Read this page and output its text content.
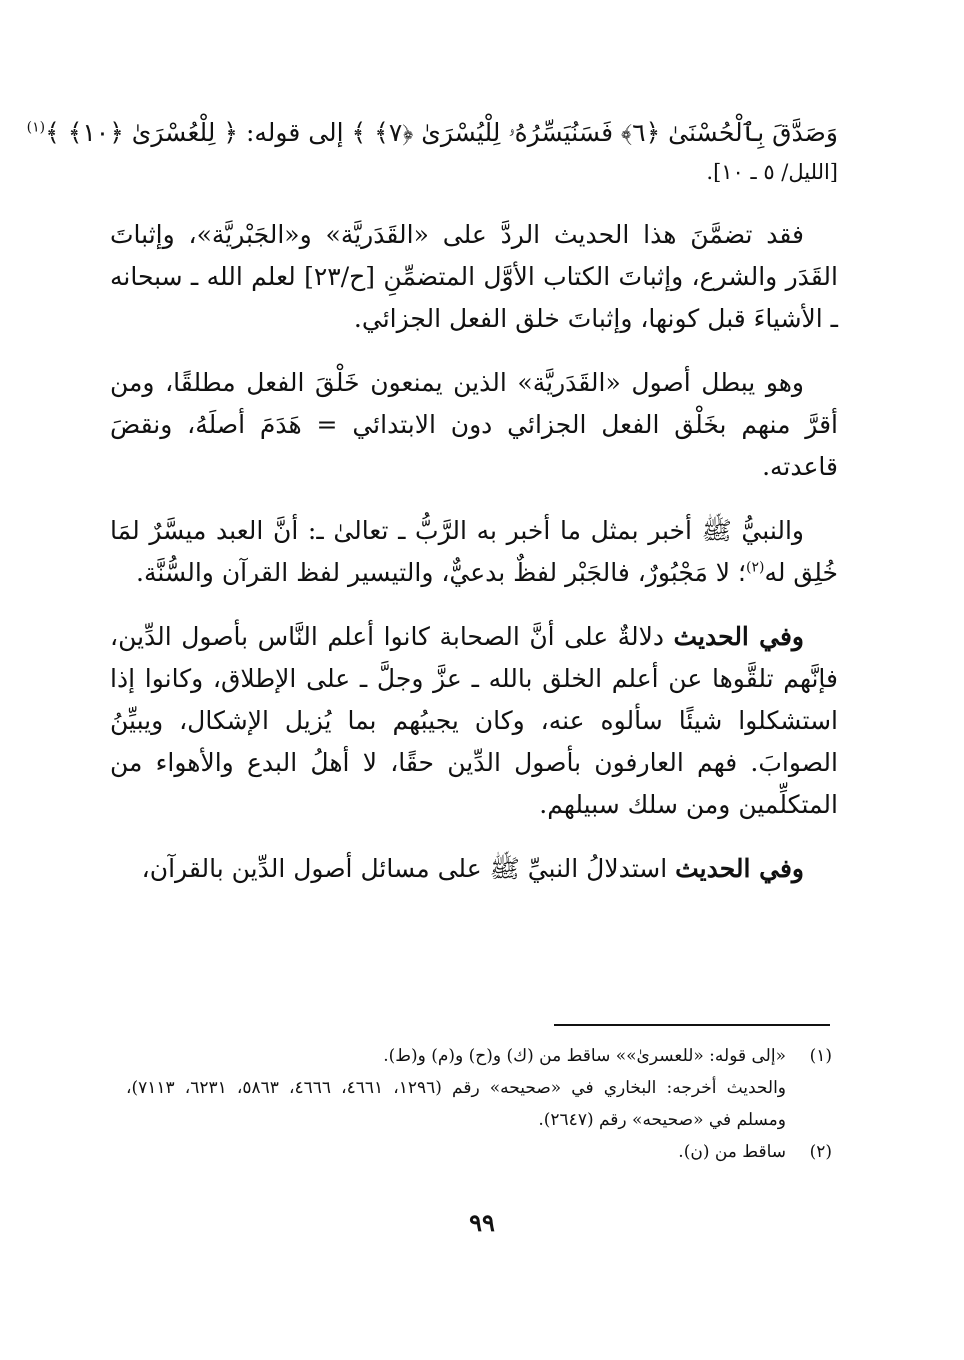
وَصَدَّقَ بِٱلْحُسْنَىٰ ﴿٦﴾ فَسَنُيَسِّرُهُۥ لِلْيُسْرَىٰ ﴿٧﴾ ﴾ إلى قوله: ﴿ لِلْعُسْرَىٰ ﴿١٠﴾ ﴾$^{(١)}$

[الليل/ ٥ ـ ١٠].

فقد تضمَّنَ هذا الحديث الردَّ على «القَدَريَّة» و«الجَبْريَّة»، وإثباتَ القَدَر والشرع، وإثباتَ الكتاب الأوَّل المتضمِّنِ [ح/٢٣] لعلم الله ـ سبحانه ـ الأشياءَ قبل كونها، وإثباتَ خلق الفعل الجزائي.

وهو يبطل أصول «القَدَريَّة» الذين يمنعون خَلْقَ الفعل مطلقًا، ومن أقرَّ منهم بخَلْق الفعل الجزائي دون الابتدائي = هَدَمَ أصلَهُ، ونقضَ قاعدته.

والنبيُّ ﷺ أخبر بمثل ما أخبر به الرَّبُّ ـ تعالىٰ ـ: أنَّ العبد ميسَّرٌ لمَا خُلِق له$^{(٢)}$؛ لا مَجْبُورٌ، فالجَبْر لفظٌ بدعيٌّ، والتيسير لفظ القرآن والسُّنَّة.

وفي الحديث دلالةٌ على أنَّ الصحابة كانوا أعلم النَّاس بأصول الدِّين، فإنَّهم تلقَّوها عن أعلم الخلق بالله ـ عزَّ وجلَّ ـ على الإطلاق، وكانوا إذا استشكلوا شيئًا سألوه عنه، وكان يجيبُهم بما يُزيل الإشكال، ويبيِّنُ الصوابَ. فهم العارفون بأصول الدِّين حقًا، لا أهلُ البدع والأهواء من المتكلِّمين ومن سلك سبيلهم.

وفي الحديث استدلالُ النبيِّ ﷺ على مسائل أصول الدِّين بالقرآن،

(١)«إلى قوله: «للعسرىٰ»» ساقط من (ك) و(ح) و(م) و(ط).

والحديث أخرجه: البخاري في «صحيحه» رقم (١٢٩٦، ٤٦٦١، ٤٦٦٦، ٥٨٦٣، ٦٢٣١، ٧١١٣)، ومسلم في «صحيحه» رقم (٢٦٤٧).

(٢)ساقط من (ن).

٩٩
